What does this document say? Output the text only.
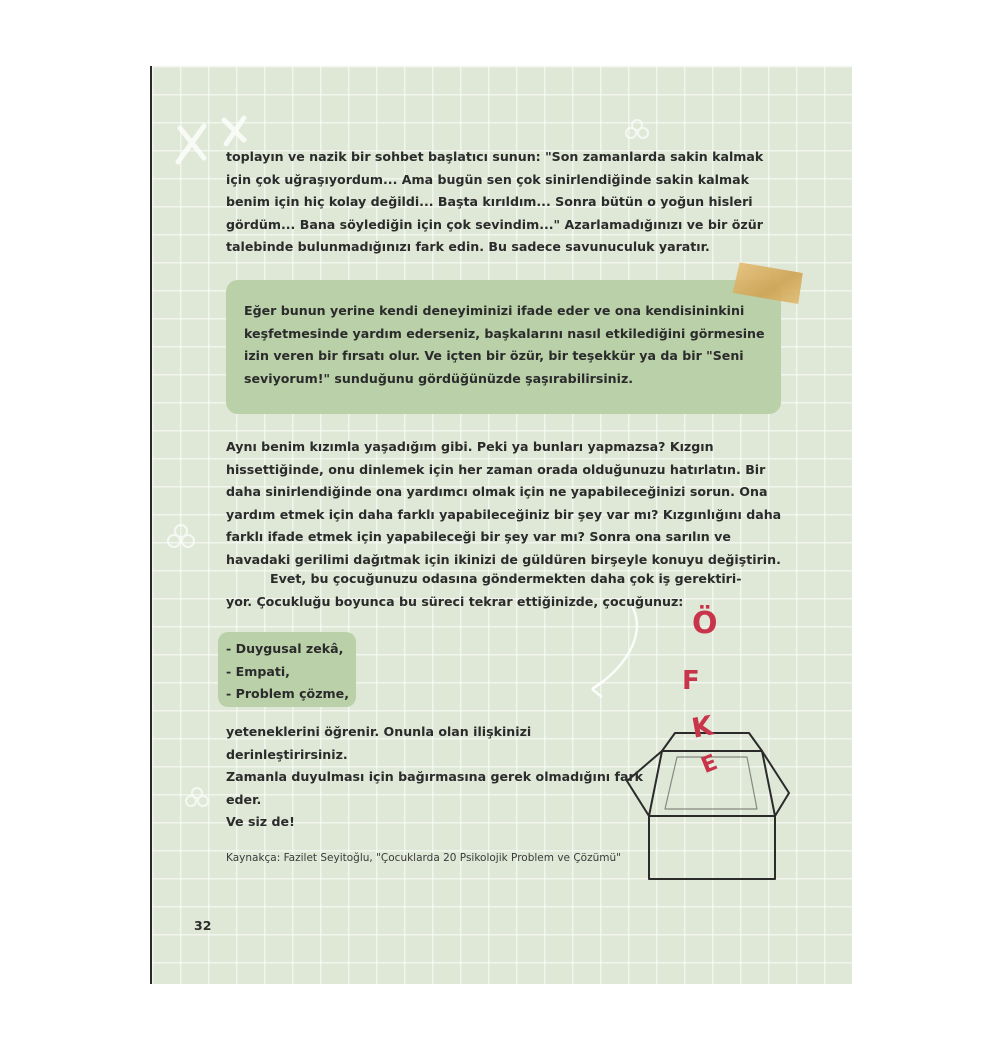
toplayın ve nazik bir sohbet başlatıcı sunun: "Son zamanlarda sakin kalmak için çok uğraşıyordum... Ama bugün sen çok sinirlendiğinde sakin kalmak benim için hiç kolay değildi... Başta kırıldım... Sonra bütün o yoğun hisleri gördüm... Bana söylediğin için çok sevindim..." Azarlamadığınızı ve bir özür talebinde bulunmadığınızı fark edin. Bu sadece savunuculuk yaratır.
Eğer bunun yerine kendi deneyiminizi ifade eder ve ona kendisininkini keşfetmesinde yardım ederseniz, başkalarını nasıl etkilediğini görmesine izin veren bir fırsatı olur. Ve içten bir özür, bir teşekkür ya da bir "Seni seviyorum!" sunduğunu gördüğünüzde şaşırabilirsiniz.
Aynı benim kızımla yaşadığım gibi. Peki ya bunları yapmazsa? Kızgın hissettiğinde, onu dinlemek için her zaman orada olduğunuzu hatırlatın. Bir daha sinirlendiğinde ona yardımcı olmak için ne yapabileceğinizi sorun. Ona yardım etmek için daha farklı yapabileceğiniz bir şey var mı? Kızgınlığını daha farklı ifade etmek için yapabileceği bir şey var mı? Sonra ona sarılın ve havadaki gerilimi dağıtmak için ikinizi de güldüren birşeyle konuyu değiştirin.
Evet, bu çocuğunuzu odasına göndermekten daha çok iş gerektiri-
yor. Çocukluğu boyunca bu süreci tekrar ettiğinizde, çocuğunuz:
- Duygusal zekâ,
- Empati,
- Problem çözme,
yeteneklerini öğrenir. Onunla olan ilişkinizi derinleştirirsiniz.
Zamanla duyulması için bağırmasına gerek olmadığını fark eder.
Ve siz de!
Ö
F
K
E
Kaynakça: Fazilet Seyitoğlu, "Çocuklarda 20 Psikolojik Problem ve Çözümü"
32
